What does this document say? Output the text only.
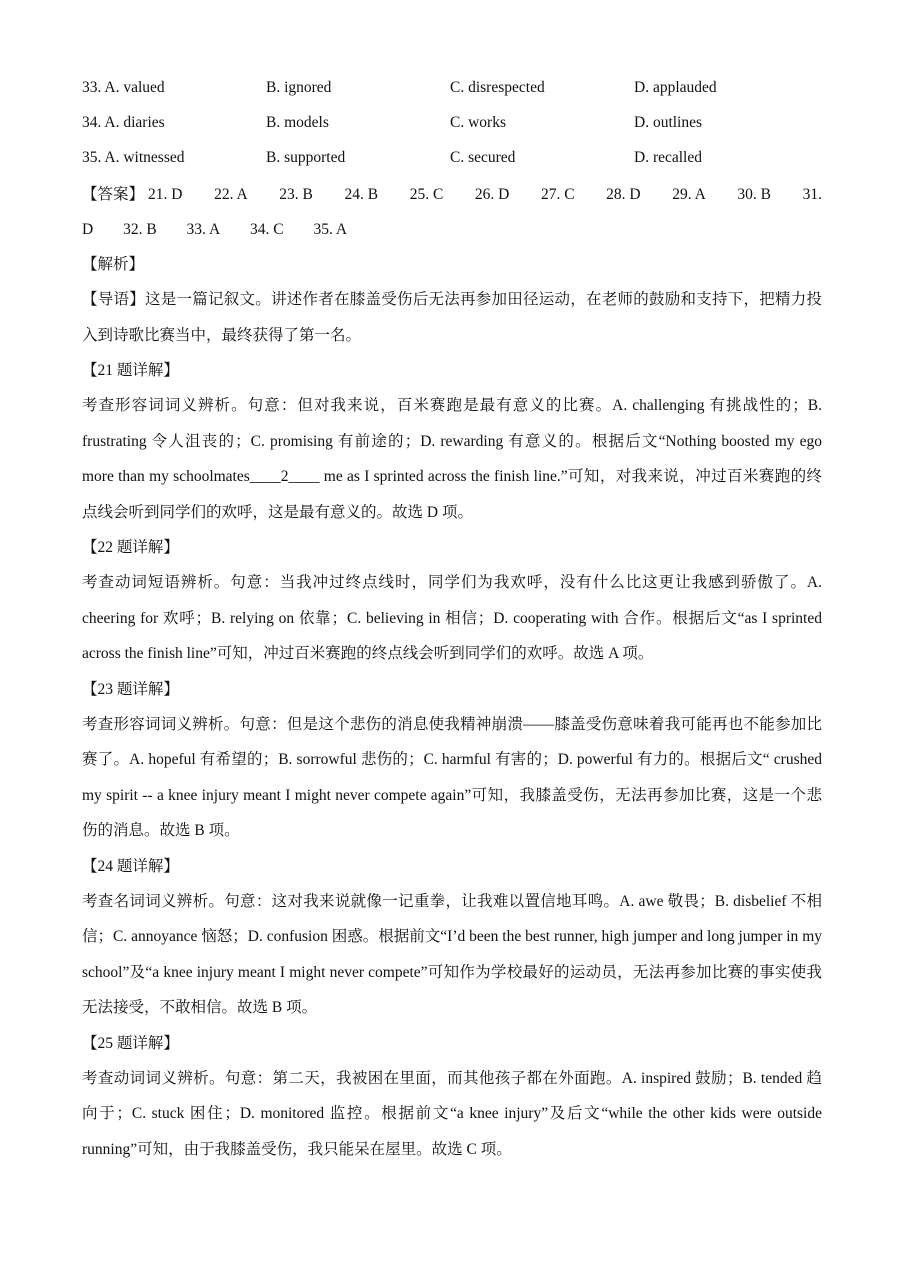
33. A. valued	B. ignored	C. disrespected	D. applauded
34. A. diaries	B. models	C. works	D. outlines
35. A. witnessed	B. supported	C. secured	D. recalled
【答案】 21. D 22. A 23. B 24. B 25. C 26. D 27. C 28. D 29. A 30. B 31.
D 32. B 33. A 34. C 35. A
【解析】

【导语】这是一篇记叙文。讲述作者在膝盖受伤后无法再参加田径运动，在老师的鼓励和支持下，把精力投入到诗歌比赛当中，最终获得了第一名。

【21 题详解】

考查形容词词义辨析。句意：但对我来说，百米赛跑是最有意义的比赛。A. challenging 有挑战性的；B. frustrating 令人沮丧的；C. promising 有前途的；D. rewarding 有意义的。根据后文“Nothing boosted my ego more than my schoolmates____2____ me as I sprinted across the finish line.”可知，对我来说，冲过百米赛跑的终点线会听到同学们的欢呼，这是最有意义的。故选 D 项。

【22 题详解】

考查动词短语辨析。句意：当我冲过终点线时，同学们为我欢呼，没有什么比这更让我感到骄傲了。A. cheering for 欢呼；B. relying on 依靠；C. believing in 相信；D. cooperating with 合作。根据后文“as I sprinted across the finish line”可知，冲过百米赛跑的终点线会听到同学们的欢呼。故选 A 项。

【23 题详解】

考查形容词词义辨析。句意：但是这个悲伤的消息使我精神崩溃——膝盖受伤意味着我可能再也不能参加比赛了。A. hopeful 有希望的；B. sorrowful 悲伤的；C. harmful 有害的；D. powerful 有力的。根据后文“ crushed my spirit -- a knee injury meant I might never compete again”可知，我膝盖受伤，无法再参加比赛，这是一个悲伤的消息。故选 B 项。

【24 题详解】

考查名词词义辨析。句意：这对我来说就像一记重拳，让我难以置信地耳鸣。A. awe 敬畏；B. disbelief 不相信；C. annoyance 恼怒；D. confusion 困惑。根据前文“I’d been the best runner, high jumper and long jumper in my school”及“a knee injury meant I might never compete”可知作为学校最好的运动员，无法再参加比赛的事实使我无法接受，不敢相信。故选 B 项。

【25 题详解】

考查动词词义辨析。句意：第二天，我被困在里面，而其他孩子都在外面跑。A. inspired 鼓励；B. tended 趋向于；C. stuck 困住；D. monitored 监控。根据前文“a knee injury”及后文“while the other kids were outside running”可知，由于我膝盖受伤，我只能呆在屋里。故选 C 项。
